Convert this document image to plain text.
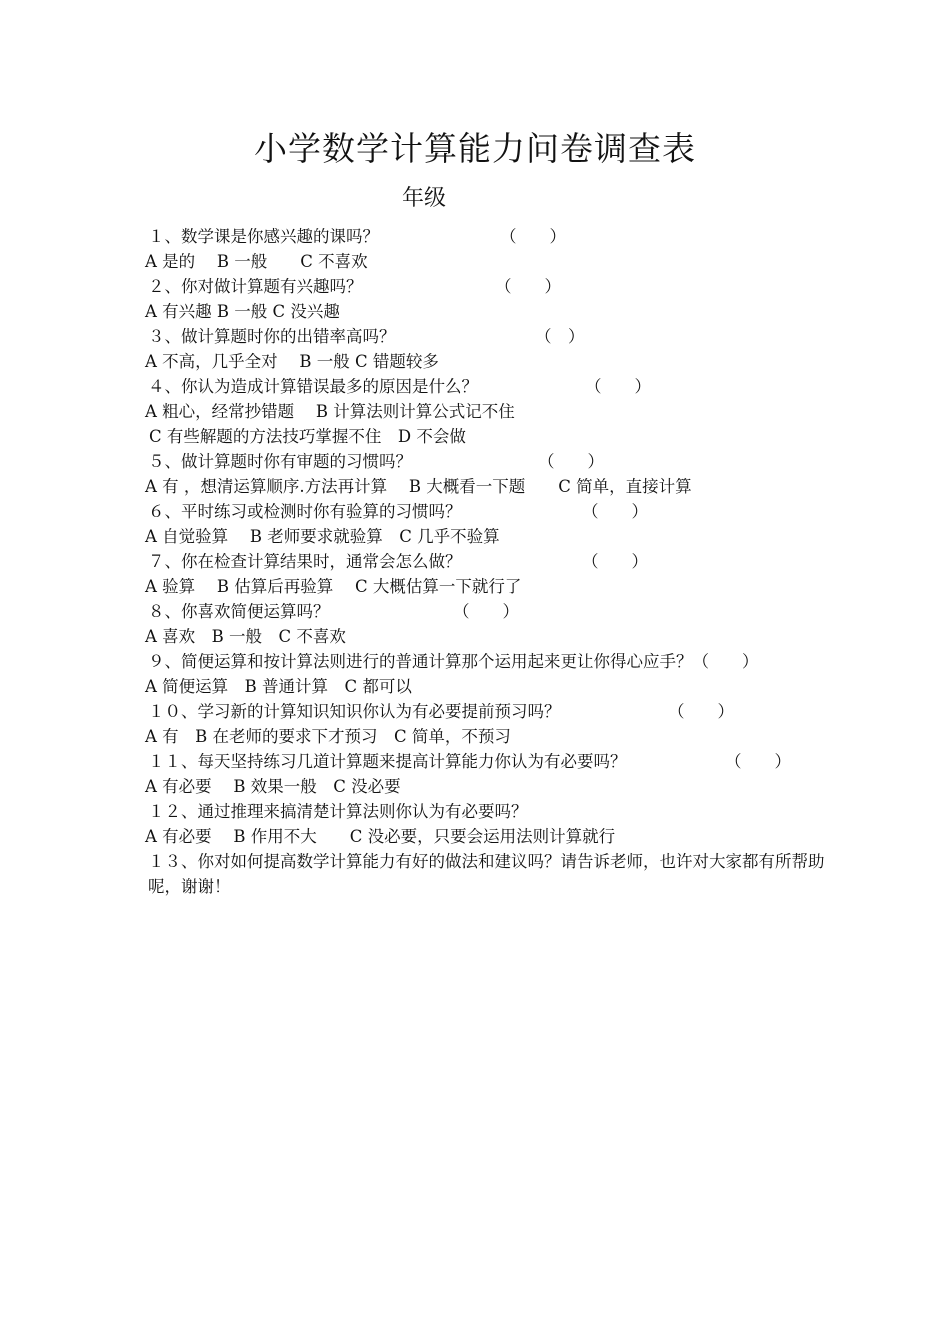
小学数学计算能力问卷调查表
年级
１、数学课是你感兴趣的课吗？	（　　）
A 是的　 B 一般　　C 不喜欢
２、你对做计算题有兴趣吗？	（　　）
A 有兴趣 B 一般 C 没兴趣
３、做计算题时你的出错率高吗？	（　）
A 不高，几乎全对　 B 一般 C 错题较多
４、你认为造成计算错误最多的原因是什么？	（　　）
A 粗心，经常抄错题　 B 计算法则计算公式记不住
C 有些解题的方法技巧掌握不住　D 不会做
５、做计算题时你有审题的习惯吗？	（　　）
A 有 ，想清运算顺序.方法再计算　 B 大概看一下题　　C 简单，直接计算
６、平时练习或检测时你有验算的习惯吗？	（　　）
A 自觉验算　 B 老师要求就验算　C 几乎不验算
７、你在检查计算结果时，通常会怎么做？	（　　）
A 验算　 B 估算后再验算　 C 大概估算一下就行了
８、你喜欢简便运算吗？	（　　）
A 喜欢　B 一般　C 不喜欢
９、简便运算和按计算法则进行的普通计算那个运用起来更让你得心应手？（　　）
A 简便运算　B 普通计算　C 都可以
１０、学习新的计算知识知识你认为有必要提前预习吗？	（　　）
A 有　B 在老师的要求下才预习　C 简单，不预习
１１、每天坚持练习几道计算题来提高计算能力你认为有必要吗？	（　　）
A 有必要　 B 效果一般　C 没必要
１２、通过推理来搞清楚计算法则你认为有必要吗？
A 有必要　 B 作用不大　　C 没必要，只要会运用法则计算就行
１３、你对如何提高数学计算能力有好的做法和建议吗？请告诉老师，也许对大家都有所帮助呢，谢谢！
